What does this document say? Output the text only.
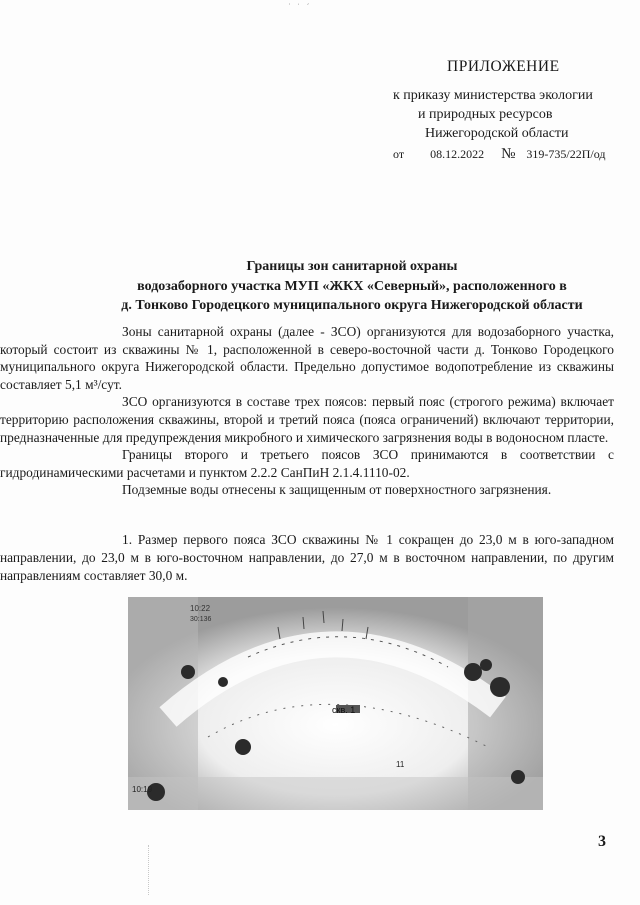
˙ ˈ ´
ПРИЛОЖЕНИЕ
к приказу министерства экологии
и природных ресурсов
Нижегородской области
от 08.12.2022 № 319-735/22П/од
Границы зон санитарной охраны
водозаборного участка МУП «ЖКХ «Северный», расположенного в
д. Тонково Городецкого муниципального округа Нижегородской области

Зоны санитарной охраны (далее - ЗСО) организуются для водозаборного участка, который состоит из скважины № 1, расположенной в северо-восточной части д. Тонково Городецкого муниципального округа Нижегородской области. Предельно допустимое водопотребление из скважины составляет 5,1 м³/сут.

ЗСО организуются в составе трех поясов: первый пояс (строгого режима) включает территорию расположения скважины, второй и третий пояса (пояса ограничений) включают территории, предназначенные для предупреждения микробного и химического загрязнения воды в водоносном пласте.

Границы второго и третьего поясов ЗСО принимаются в соответствии с гидродинамическими расчетами и пунктом 2.2.2 СанПиН 2.1.4.1110-02.

Подземные воды отнесены к защищенным от поверхностного загрязнения.

1. Размер первого пояса ЗСО скважины № 1 сокращен до 23,0 м в юго-западном направлении, до 23,0 м в юго-восточном направлении, до 27,0 м в восточном направлении, по другим направлениям составляет 30,0 м.

скв. 1
10:22
30:136
10:19
11
3
